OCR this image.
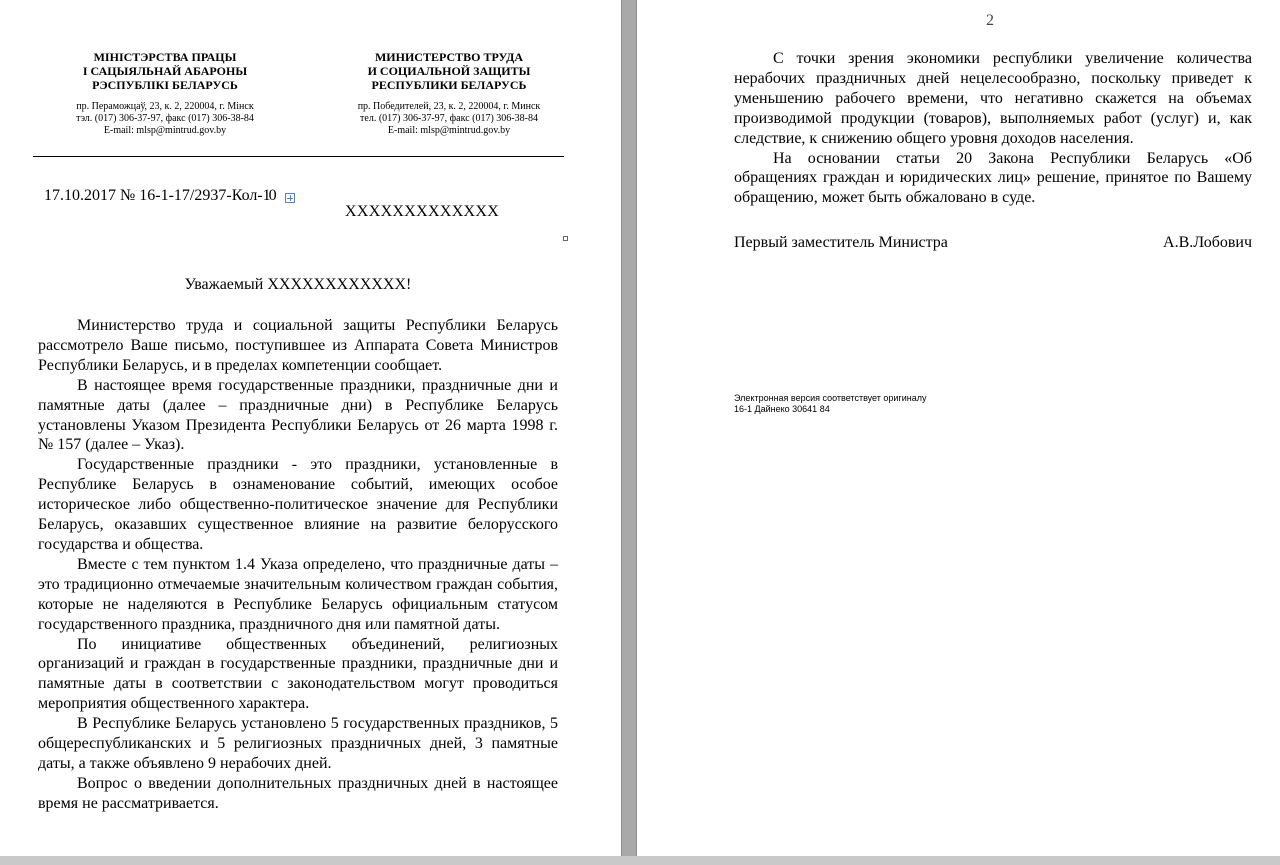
МІНІСТЭРСТВА ПРАЦЫ
І САЦЫЯЛЬНАЙ АБАРОНЫ
РЭСПУБЛІКІ БЕЛАРУСЬ
пр. Пераможцаў, 23, к. 2, 220004, г. Мінск
тэл. (017) 306-37-97, факс (017) 306-38-84
E-mail: mlsp@mintrud.gov.by
МИНИСТЕРСТВО ТРУДА
И СОЦИАЛЬНОЙ ЗАЩИТЫ
РЕСПУБЛИКИ БЕЛАРУСЬ
пр. Победителей, 23, к. 2, 220004, г. Минск
тел. (017) 306-37-97, факс (017) 306-38-84
E-mail: mlsp@mintrud.gov.by
17.10.2017 № 16-1-17/2937-Кол-10
ХХХХХХХХХХХХХ
Уважаемый ХХХХХХХХХХХХ!

Министерство труда и социальной защиты Республики Беларусь рассмотрело Ваше письмо, поступившее из Аппарата Совета Министров Республики Беларусь, и в пределах компетенции сообщает.

В настоящее время государственные праздники, праздничные дни и памятные даты (далее – праздничные дни) в Республике Беларусь установлены Указом Президента Республики Беларусь от 26 марта 1998 г. № 157 (далее – Указ).

Государственные праздники - это праздники, установленные в Республике Беларусь в ознаменование событий, имеющих особое историческое либо общественно-политическое значение для Республики Беларусь, оказавших существенное влияние на развитие белорусского государства и общества.

Вместе с тем пунктом 1.4 Указа определено, что праздничные даты – это традиционно отмечаемые значительным количеством граждан события, которые не наделяются в Республике Беларусь официальным статусом государственного праздника, праздничного дня или памятной даты.

По инициативе общественных объединений, религиозных организаций и граждан в государственные праздники, праздничные дни и памятные даты в соответствии с законодательством могут проводиться мероприятия общественного характера.

В Республике Беларусь установлено 5 государственных праздников, 5 общереспубликанских и 5 религиозных праздничных дней, 3 памятные даты, а также объявлено 9 нерабочих дней.

Вопрос о введении дополнительных праздничных дней в настоящее время не рассматривается.

2

С точки зрения экономики республики увеличение количества нерабочих праздничных дней нецелесообразно, поскольку приведет к уменьшению рабочего времени, что негативно скажется на объемах производимой продукции (товаров), выполняемых работ (услуг) и, как следствие, к снижению общего уровня доходов населения.

На основании статьи 20 Закона Республики Беларусь «Об обращениях граждан и юридических лиц» решение, принятое по Вашему обращению, может быть обжаловано в суде.

Первый заместитель Министра	А.В.Лобович
Электронная версия соответствует оригиналу
16-1 Дайнеко 30641 84
